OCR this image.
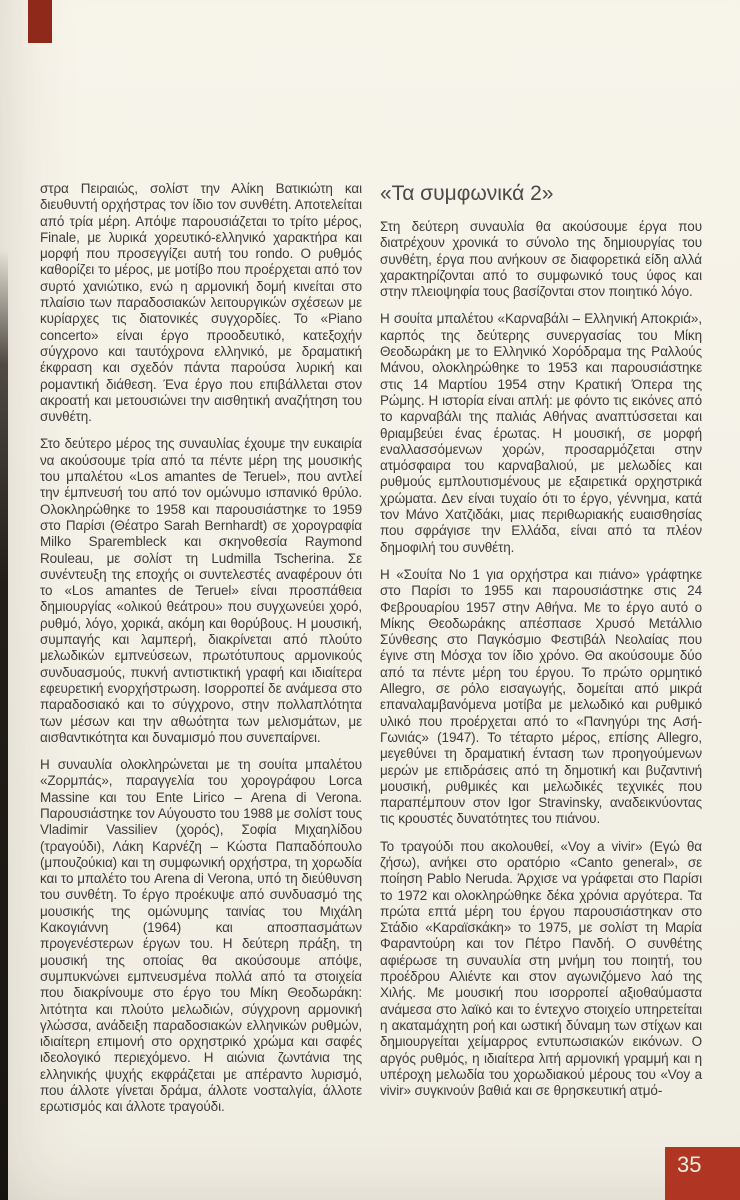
στρα Πειραιώς, σολίστ την Αλίκη Βατικιώτη και διευθυντή ορχήστρας τον ίδιο τον συνθέτη. Αποτελείται από τρία μέρη. Απόψε παρουσιάζεται το τρίτο μέρος, Finale, με λυρικά χορευτικό-ελληνικό χαρακτήρα και μορφή που προσεγγίζει αυτή του rondo. Ο ρυθμός καθορίζει το μέρος, με μοτίβο που προέρχεται από τον συρτό χανιώτικο, ενώ η αρμονική δομή κινείται στο πλαίσιο των παραδοσιακών λειτουργικών σχέσεων με κυρίαρχες τις διατονικές συγχορδίες. Το «Piano concerto» είναι έργο προοδευτικό, κατεξοχήν σύγχρονο και ταυτόχρονα ελληνικό, με δραματική έκφραση και σχεδόν πάντα παρούσα λυρική και ρομαντική διάθεση. Ένα έργο που επιβάλλεται στον ακροατή και μετουσιώνει την αισθητική αναζήτηση του συνθέτη.

Στο δεύτερο μέρος της συναυλίας έχουμε την ευκαιρία να ακούσουμε τρία από τα πέντε μέρη της μουσικής του μπαλέτου «Los amantes de Teruel», που αντλεί την έμπνευσή του από τον ομώνυμο ισπανικό θρύλο. Ολοκληρώθηκε το 1958 και παρουσιάστηκε το 1959 στο Παρίσι (Θέατρο Sarah Bernhardt) σε χορογραφία Milko Sparembleck και σκηνοθεσία Raymond Rouleau, με σολίστ τη Ludmilla Tscherina. Σε συνέντευξη της εποχής οι συντελεστές αναφέρουν ότι το «Los amantes de Teruel» είναι προσπάθεια δημιουργίας «ολικού θεάτρου» που συγχωνεύει χορό, ρυθμό, λόγο, χορικά, ακόμη και θορύβους. Η μουσική, συμπαγής και λαμπερή, διακρίνεται από πλούτο μελωδικών εμπνεύσεων, πρωτότυπους αρμονικούς συνδυασμούς, πυκνή αντιστικτική γραφή και ιδιαίτερα εφευρετική ενορχήστρωση. Ισορροπεί δε ανάμεσα στο παραδοσιακό και το σύγχρονο, στην πολλαπλότητα των μέσων και την αθωότητα των μελισμάτων, με αισθαντικότητα και δυναμισμό που συνεπαίρνει.

Η συναυλία ολοκληρώνεται με τη σουίτα μπαλέτου «Ζορμπάς», παραγγελία του χορογράφου Lorca Massine και του Ente Lirico – Arena di Verona. Παρουσιάστηκε τον Αύγουστο του 1988 με σολίστ τους Vladimir Vassiliev (χορός), Σοφία Μιχαηλίδου (τραγούδι), Λάκη Καρνέζη – Κώστα Παπαδόπουλο (μπουζούκια) και τη συμφωνική ορχήστρα, τη χορωδία και το μπαλέτο του Arena di Verona, υπό τη διεύθυνση του συνθέτη. Το έργο προέκυψε από συνδυασμό της μουσικής της ομώνυμης ταινίας του Μιχάλη Κακογιάννη (1964) και αποσπασμάτων προγενέστερων έργων του. Η δεύτερη πράξη, τη μουσική της οποίας θα ακούσουμε απόψε, συμπυκνώνει εμπνευσμένα πολλά από τα στοιχεία που διακρίνουμε στο έργο του Μίκη Θεοδωράκη: λιτότητα και πλούτο μελωδιών, σύγχρονη αρμονική γλώσσα, ανάδειξη παραδοσιακών ελληνικών ρυθμών, ιδιαίτερη επιμονή στο ορχηστρικό χρώμα και σαφές ιδεολογικό περιεχόμενο. Η αιώνια ζωντάνια της ελληνικής ψυχής εκφράζεται με απέραντο λυρισμό, που άλλοτε γίνεται δράμα, άλλοτε νοσταλγία, άλλοτε ερωτισμός και άλλοτε τραγούδι.

«Τα συμφωνικά 2»

Στη δεύτερη συναυλία θα ακούσουμε έργα που διατρέχουν χρονικά το σύνολο της δημιουργίας του συνθέτη, έργα που ανήκουν σε διαφορετικά είδη αλλά χαρακτηρίζονται από το συμφωνικό τους ύφος και στην πλειοψηφία τους βασίζονται στον ποιητικό λόγο.

Η σουίτα μπαλέτου «Καρναβάλι – Ελληνική Αποκριά», καρπός της δεύτερης συνεργασίας του Μίκη Θεοδωράκη με το Ελληνικό Χορόδραμα της Ραλλούς Μάνου, ολοκληρώθηκε το 1953 και παρουσιάστηκε στις 14 Μαρτίου 1954 στην Κρατική Όπερα της Ρώμης. Η ιστορία είναι απλή: με φόντο τις εικόνες από το καρναβάλι της παλιάς Αθήνας αναπτύσσεται και θριαμβεύει ένας έρωτας. Η μουσική, σε μορφή εναλλασσόμενων χορών, προσαρμόζεται στην ατμόσφαιρα του καρναβαλιού, με μελωδίες και ρυθμούς εμπλουτισμένους με εξαιρετικά ορχηστρικά χρώματα. Δεν είναι τυχαίο ότι το έργο, γέννημα, κατά τον Μάνο Χατζιδάκι, μιας περιθωριακής ευαισθησίας που σφράγισε την Ελλάδα, είναι από τα πλέον δημοφιλή του συνθέτη.

Η «Σουίτα Νο 1 για ορχήστρα και πιάνο» γράφτηκε στο Παρίσι το 1955 και παρουσιάστηκε στις 24 Φεβρουαρίου 1957 στην Αθήνα. Με το έργο αυτό ο Μίκης Θεοδωράκης απέσπασε Χρυσό Μετάλλιο Σύνθεσης στο Παγκόσμιο Φεστιβάλ Νεολαίας που έγινε στη Μόσχα τον ίδιο χρόνο. Θα ακούσουμε δύο από τα πέντε μέρη του έργου. Το πρώτο ορμητικό Allegro, σε ρόλο εισαγωγής, δομείται από μικρά επαναλαμβανόμενα μοτίβα με μελωδικό και ρυθμικό υλικό που προέρχεται από το «Πανηγύρι της Ασή-Γωνιάς» (1947). Το τέταρτο μέρος, επίσης Allegro, μεγεθύνει τη δραματική ένταση των προηγούμενων μερών με επιδράσεις από τη δημοτική και βυζαντινή μουσική, ρυθμικές και μελωδικές τεχνικές που παραπέμπουν στον Igor Stravinsky, αναδεικνύοντας τις κρουστές δυνατότητες του πιάνου.

Το τραγούδι που ακολουθεί, «Voy a vivir» (Εγώ θα ζήσω), ανήκει στο ορατόριο «Canto general», σε ποίηση Pablo Neruda. Άρχισε να γράφεται στο Παρίσι το 1972 και ολοκληρώθηκε δέκα χρόνια αργότερα. Τα πρώτα επτά μέρη του έργου παρουσιάστηκαν στο Στάδιο «Καραϊσκάκη» το 1975, με σολίστ τη Μαρία Φαραντούρη και τον Πέτρο Πανδή. Ο συνθέτης αφιέρωσε τη συναυλία στη μνήμη του ποιητή, του προέδρου Αλιέντε και στον αγωνιζόμενο λαό της Χιλής. Με μουσική που ισορροπεί αξιοθαύμαστα ανάμεσα στο λαϊκό και το έντεχνο στοιχείο υπηρετείται η ακαταμάχητη ροή και ωστική δύναμη των στίχων και δημιουργείται χείμαρρος εντυπωσιακών εικόνων. Ο αργός ρυθμός, η ιδιαίτερα λιτή αρμονική γραμμή και η υπέροχη μελωδία του χορωδιακού μέρους του «Voy a vivir» συγκινούν βαθιά και σε θρησκευτική ατμό-

35
